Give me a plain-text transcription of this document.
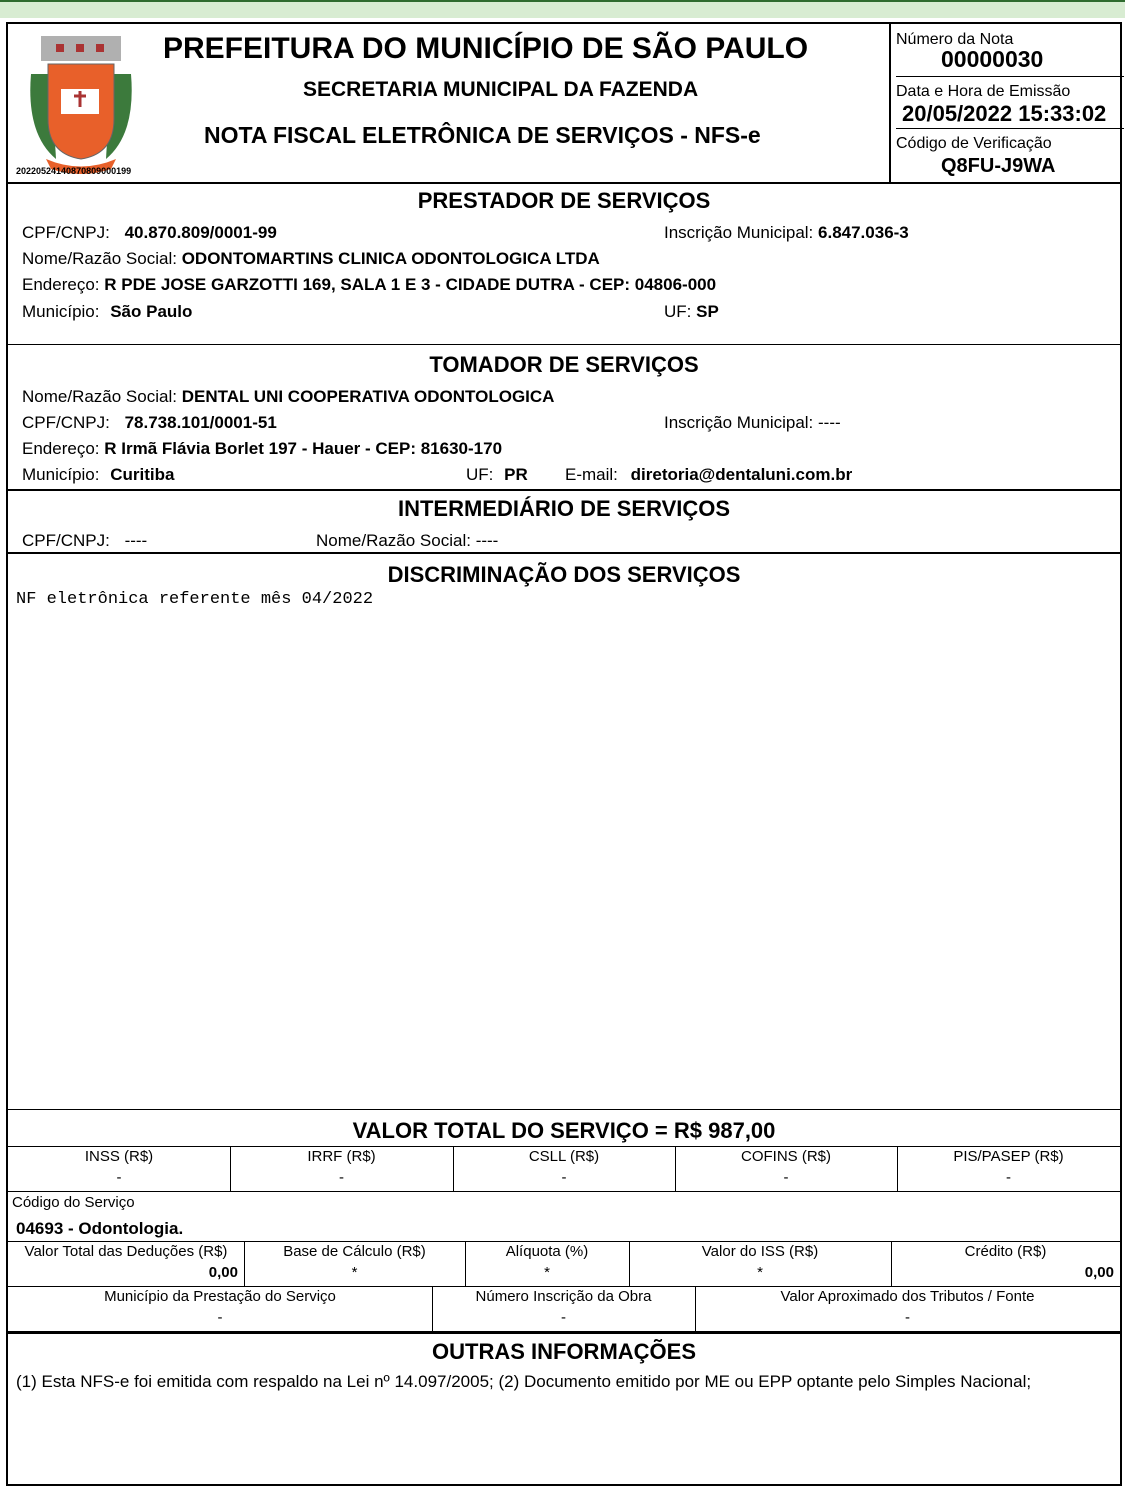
20220524140870809000199
PREFEITURA DO MUNICÍPIO DE SÃO PAULO
SECRETARIA MUNICIPAL DA FAZENDA
NOTA FISCAL ELETRÔNICA DE SERVIÇOS - NFS-e
Número da Nota
00000030
Data e Hora de Emissão
20/05/2022 15:33:02
Código de Verificação
Q8FU-J9WA
PRESTADOR DE SERVIÇOS
CPF/CNPJ: 40.870.809/0001-99	Inscrição Municipal: 6.847.036-3
Nome/Razão Social: ODONTOMARTINS CLINICA ODONTOLOGICA LTDA
Endereço: R PDE JOSE GARZOTTI 169, SALA 1 E 3 - CIDADE DUTRA - CEP: 04806-000
Município: São Paulo	UF: SP
TOMADOR DE SERVIÇOS
Nome/Razão Social: DENTAL UNI COOPERATIVA ODONTOLOGICA
CPF/CNPJ: 78.738.101/0001-51	Inscrição Municipal: ----
Endereço: R Irmã Flávia Borlet 197 - Hauer - CEP: 81630-170
Município: Curitiba	UF: PR E-mail: diretoria@dentaluni.com.br
INTERMEDIÁRIO DE SERVIÇOS
CPF/CNPJ: ----	Nome/Razão Social: ----
DISCRIMINAÇÃO DOS SERVIÇOS
NF eletrônica referente mês 04/2022
VALOR TOTAL DO SERVIÇO = R$ 987,00
INSS (R$)
-
IRRF (R$)
-
CSLL (R$)
-
COFINS (R$)
-
PIS/PASEP (R$)
-
Código do Serviço
04693 - Odontologia.
Valor Total das Deduções (R$)
0,00
Base de Cálculo (R$)
*
Alíquota (%)
*
Valor do ISS (R$)
*
Crédito (R$)
0,00
Município da Prestação do Serviço
-
Número Inscrição da Obra
-
Valor Aproximado dos Tributos / Fonte
-
OUTRAS INFORMAÇÕES
(1) Esta NFS-e foi emitida com respaldo na Lei nº 14.097/2005; (2) Documento emitido por ME ou EPP optante pelo Simples Nacional;
